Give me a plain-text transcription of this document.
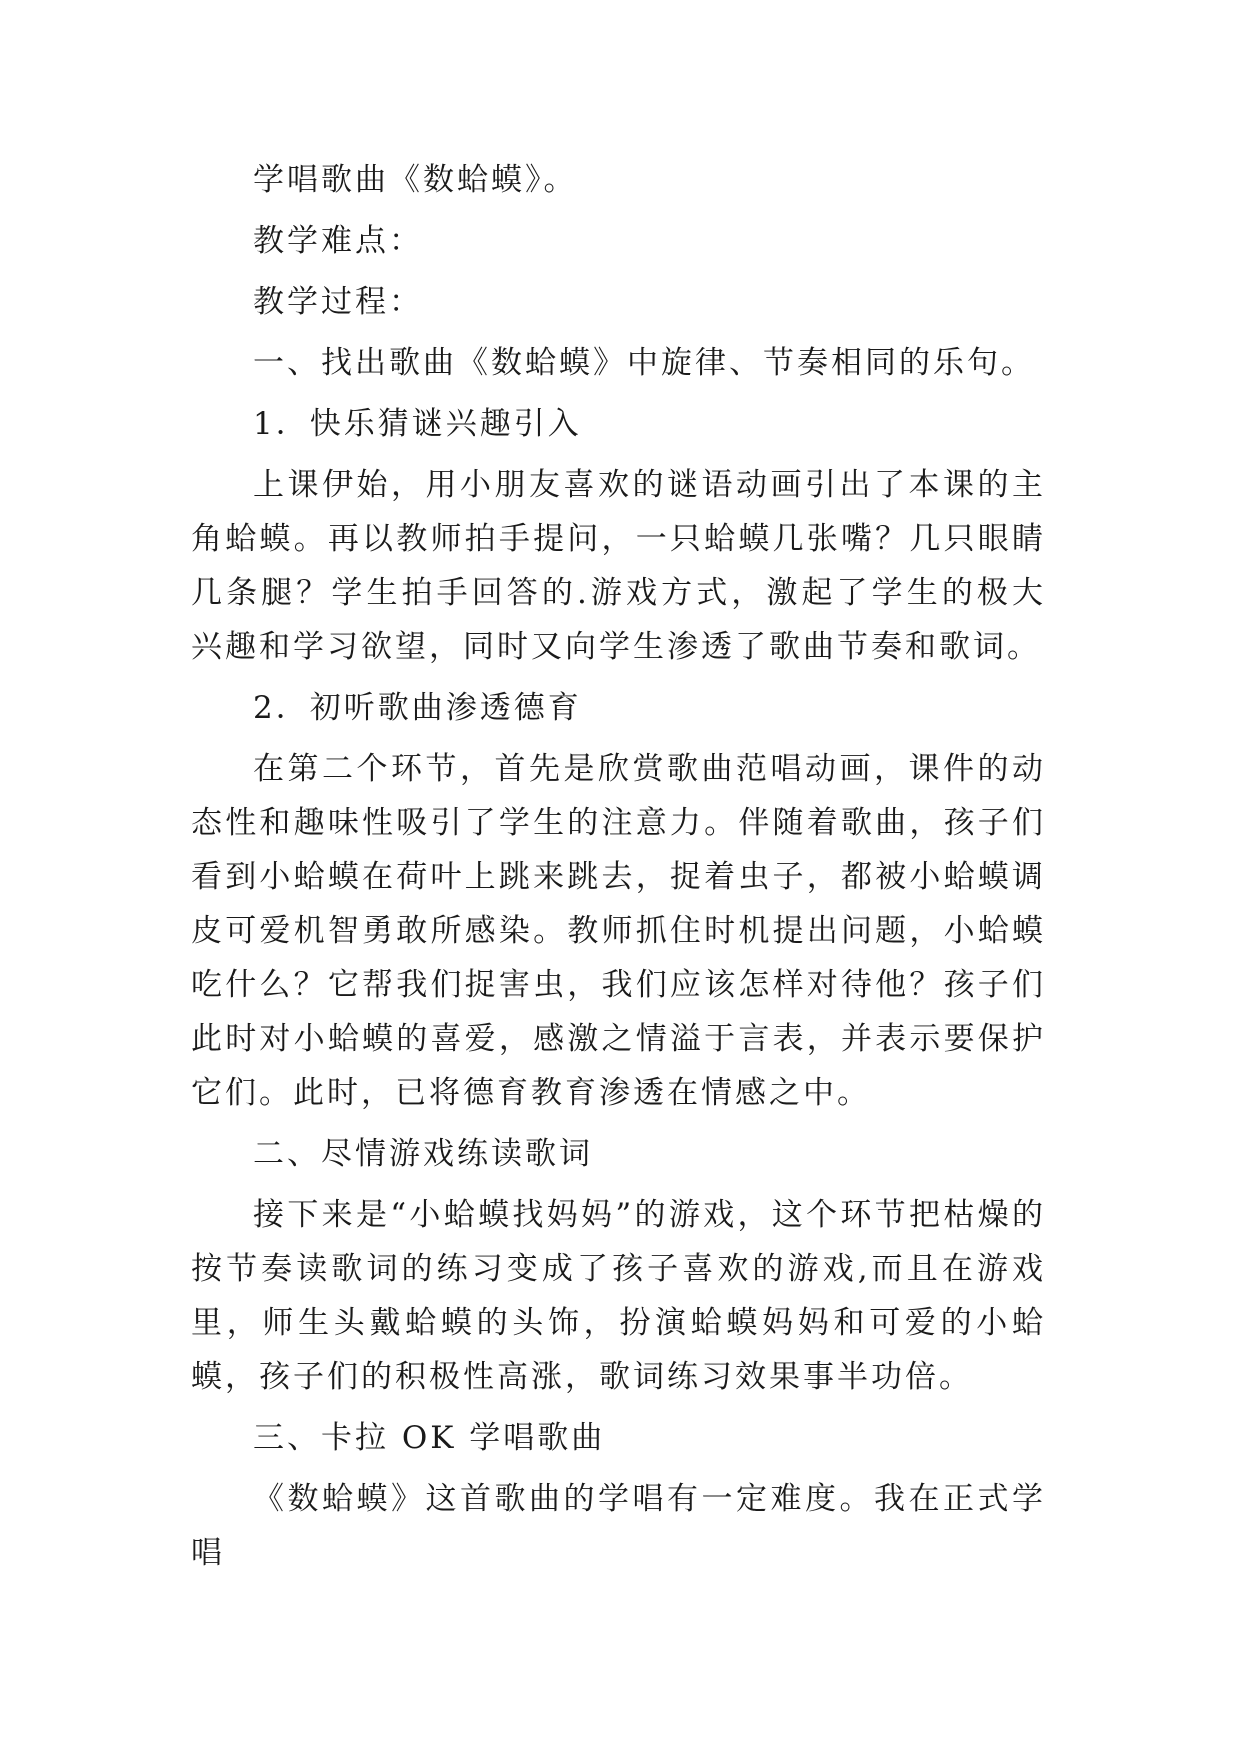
学唱歌曲《数蛤蟆》。

教学难点：

教学过程：

一、找出歌曲《数蛤蟆》中旋律、节奏相同的乐句。

1．快乐猜谜兴趣引入

上课伊始，用小朋友喜欢的谜语动画引出了本课的主角蛤蟆。再以教师拍手提问，一只蛤蟆几张嘴？几只眼睛几条腿？学生拍手回答的.游戏方式，激起了学生的极大兴趣和学习欲望，同时又向学生渗透了歌曲节奏和歌词。

2．初听歌曲渗透德育

在第二个环节，首先是欣赏歌曲范唱动画，课件的动态性和趣味性吸引了学生的注意力。伴随着歌曲，孩子们看到小蛤蟆在荷叶上跳来跳去，捉着虫子，都被小蛤蟆调皮可爱机智勇敢所感染。教师抓住时机提出问题，小蛤蟆吃什么？它帮我们捉害虫，我们应该怎样对待他？孩子们此时对小蛤蟆的喜爱，感激之情溢于言表，并表示要保护它们。此时，已将德育教育渗透在情感之中。

二、尽情游戏练读歌词

接下来是“小蛤蟆找妈妈”的游戏，这个环节把枯燥的按节奏读歌词的练习变成了孩子喜欢的游戏,而且在游戏里，师生头戴蛤蟆的头饰，扮演蛤蟆妈妈和可爱的小蛤蟆，孩子们的积极性高涨，歌词练习效果事半功倍。

三、卡拉 OK 学唱歌曲

《数蛤蟆》这首歌曲的学唱有一定难度。我在正式学唱
